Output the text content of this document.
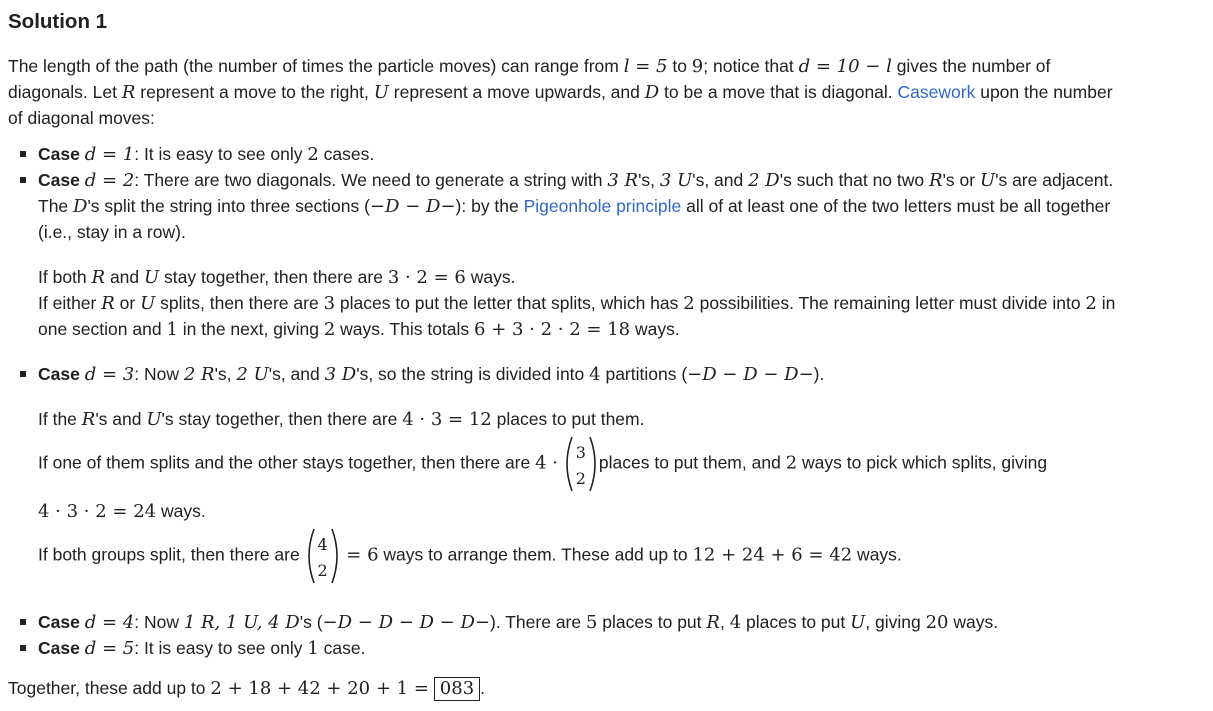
Solution 1
The length of the path (the number of times the particle moves) can range from l = 5 to 9; notice that d = 10 − l gives the number of
diagonals. Let R represent a move to the right, U represent a move upwards, and D to be a move that is diagonal. Casework upon the number
of diagonal moves:
Case d = 1: It is easy to see only 2 cases.
Case d = 2: There are two diagonals. We need to generate a string with 3 R's, 3 U's, and 2 D's such that no two R's or U's are adjacent.
The D's split the string into three sections (−D − D−): by the Pigeonhole principle all of at least one of the two letters must be all together
(i.e., stay in a row).
If both R and U stay together, then there are 3 · 2 = 6 ways.
If either R or U splits, then there are 3 places to put the letter that splits, which has 2 possibilities. The remaining letter must divide into 2 in
one section and 1 in the next, giving 2 ways. This totals 6 + 3 · 2 · 2 = 18 ways.
Case d = 3: Now 2 R's, 2 U's, and 3 D's, so the string is divided into 4 partitions (−D − D − D−).
If the R's and U's stay together, then there are 4 · 3 = 12 places to put them.
If one of them splits and the other stays together, then there are 4 ·
3
2
places to put them, and 2 ways to pick which splits, giving
4 · 3 · 2 = 24 ways.
If both groups split, then there are
4
2
= 6 ways to arrange them. These add up to 12 + 24 + 6 = 42 ways.
Case d = 4: Now 1 R, 1 U, 4 D's (−D − D − D − D−). There are 5 places to put R, 4 places to put U, giving 20 ways.
Case d = 5: It is easy to see only 1 case.
Together, these add up to 2 + 18 + 42 + 20 + 1 = 083 .
